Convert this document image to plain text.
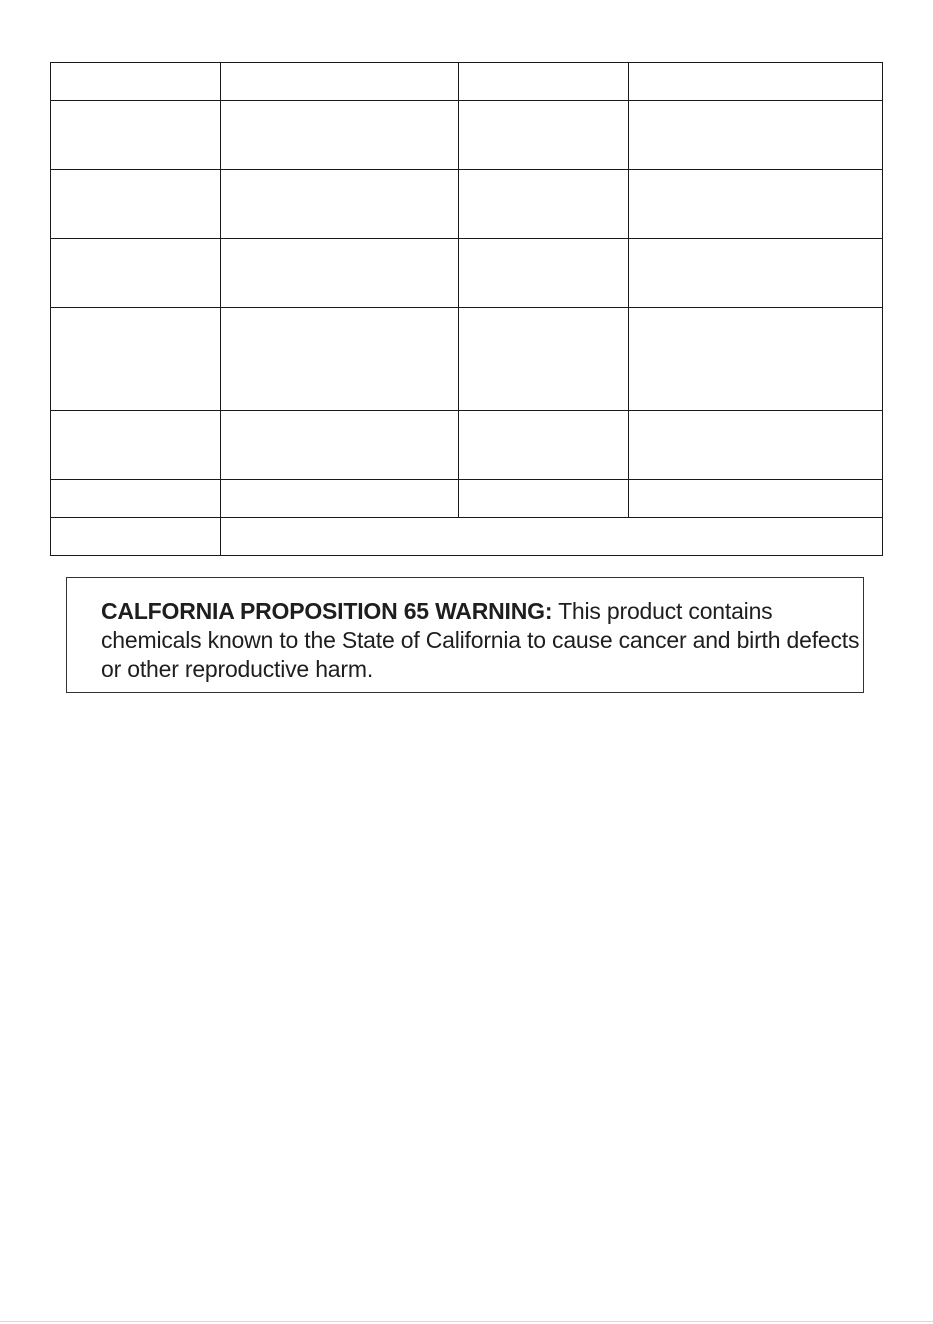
CALFORNIA PROPOSITION 65 WARNING: This product contains chemicals known to the State of California to cause cancer and birth defects or other reproductive harm.
